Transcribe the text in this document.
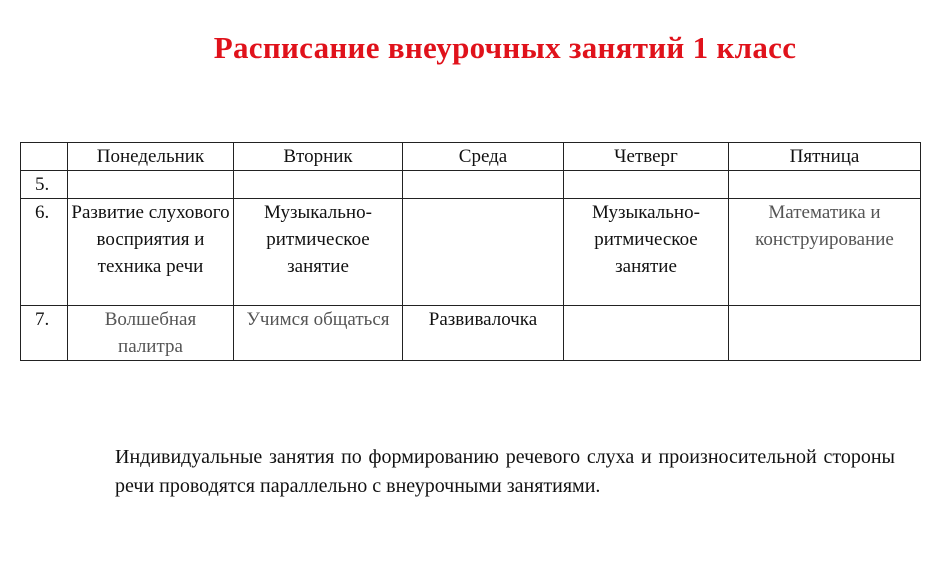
Расписание внеурочных занятий 1 класс
	Понедельник	Вторник	Среда	Четверг	Пятница
5.					
6.	Развитие слухового восприятия и техника речи	Музыкально-ритмическое занятие		Музыкально-ритмическое занятие	Математика и конструирование
7.	Волшебная палитра	Учимся общаться	Развивалочка		
Индивидуальные занятия по формированию речевого слуха и произносительной стороны речи проводятся параллельно с внеурочными занятиями.
